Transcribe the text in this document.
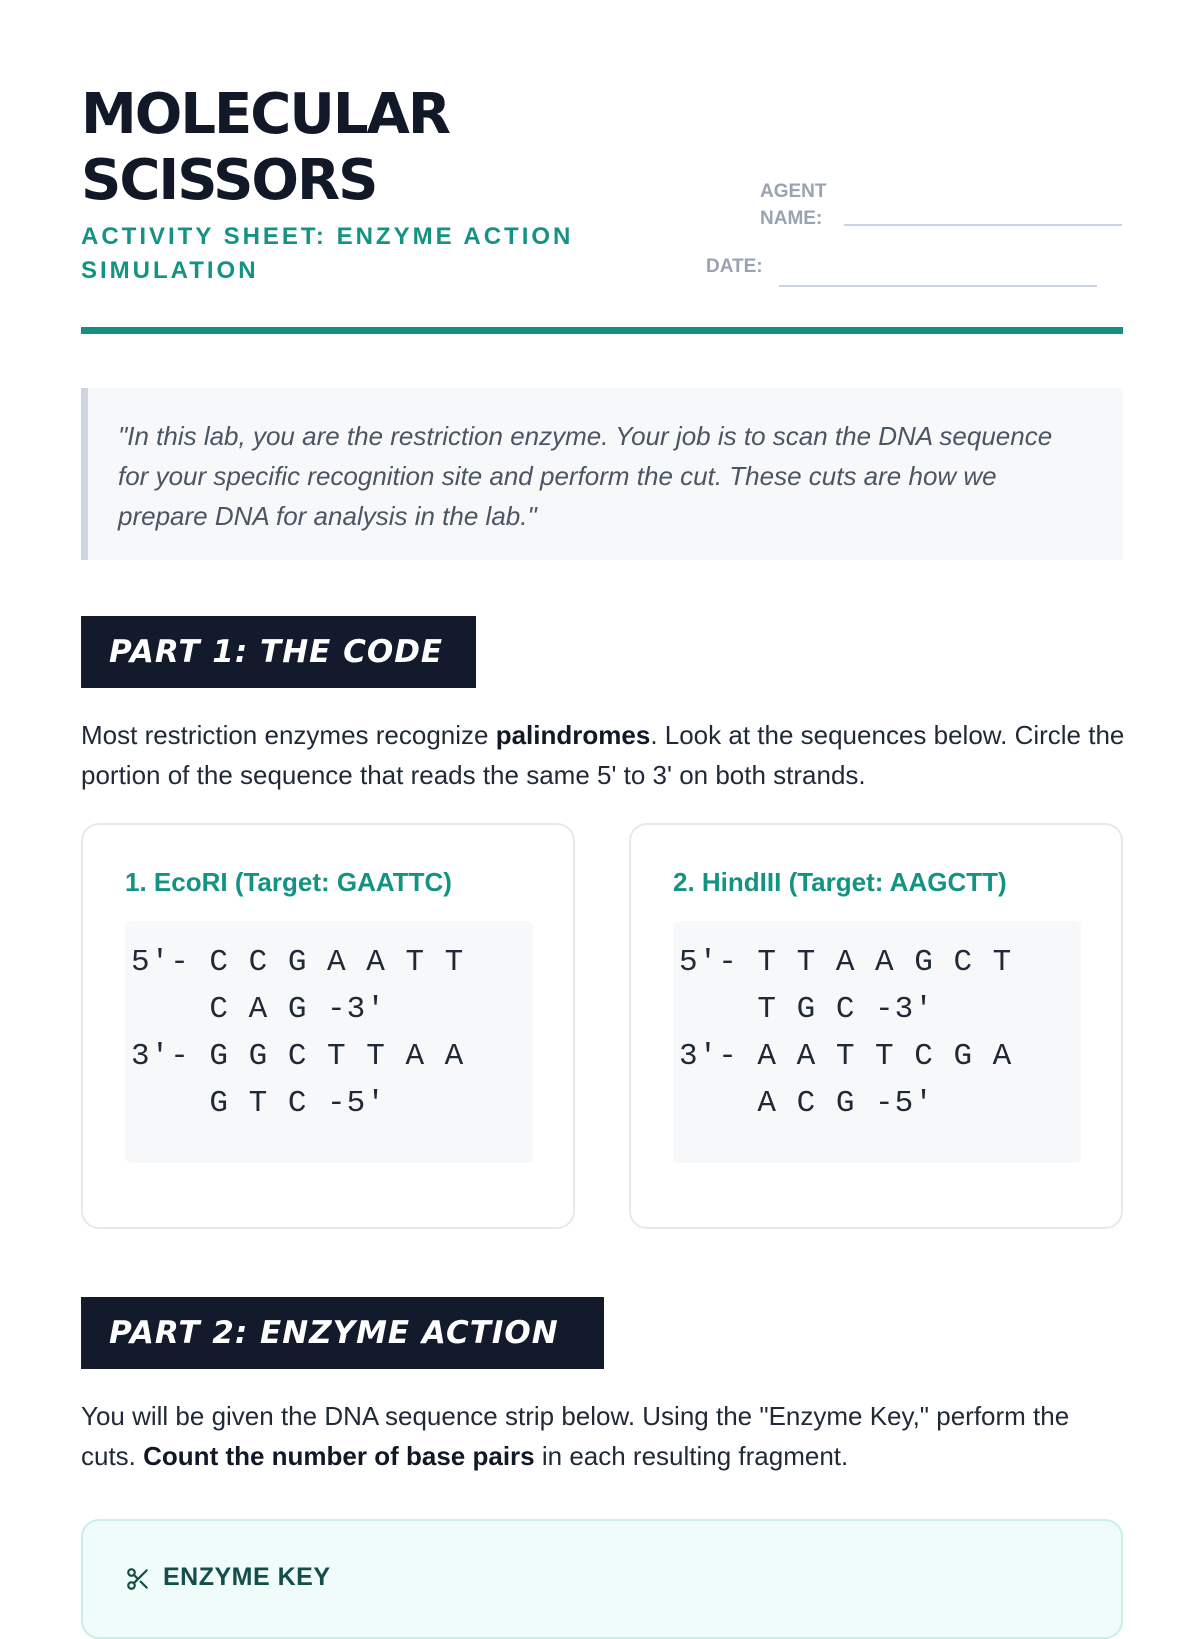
MOLECULAR
SCISSORS
ACTIVITY SHEET: ENZYME ACTION
SIMULATION
AGENT
NAME:
DATE:
"In this lab, you are the restriction enzyme. Your job is to scan the DNA sequence for your specific recognition site and perform the cut. These cuts are how we prepare DNA for analysis in the lab."
PART 1: THE CODE
Most restriction enzymes recognize palindromes. Look at the sequences below. Circle the portion of the sequence that reads the same 5' to 3' on both strands.
1. EcoRI (Target: GAATTC)
5'- C C G A A T T
C A G -3'
3'- G G C T T A A
G T C -5'
2. HindIII (Target: AAGCTT)
5'- T T A A G C T
T G C -3'
3'- A A T T C G A
A C G -5'
PART 2: ENZYME ACTION
You will be given the DNA sequence strip below. Using the "Enzyme Key," perform the cuts. Count the number of base pairs in each resulting fragment.
ENZYME KEY
